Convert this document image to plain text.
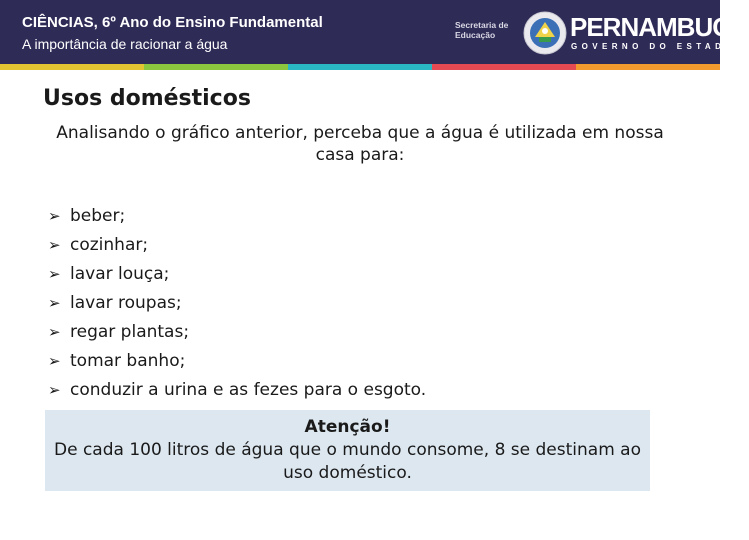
CIÊNCIAS, 6º Ano do Ensino Fundamental
A importância de racionar a água
Secretaria de
Educação	PERNAMBUCO
GOVERNO DO ESTADO
Usos domésticos
Analisando o gráfico anterior, perceba que a água é utilizada em nossa casa para:
➢ beber;
➢ cozinhar;
➢ lavar louça;
➢ lavar roupas;
➢ regar plantas;
➢ tomar banho;
➢ conduzir a urina e as fezes para o esgoto.
Atenção!
De cada 100 litros de água que o mundo consome, 8 se destinam ao uso doméstico.
